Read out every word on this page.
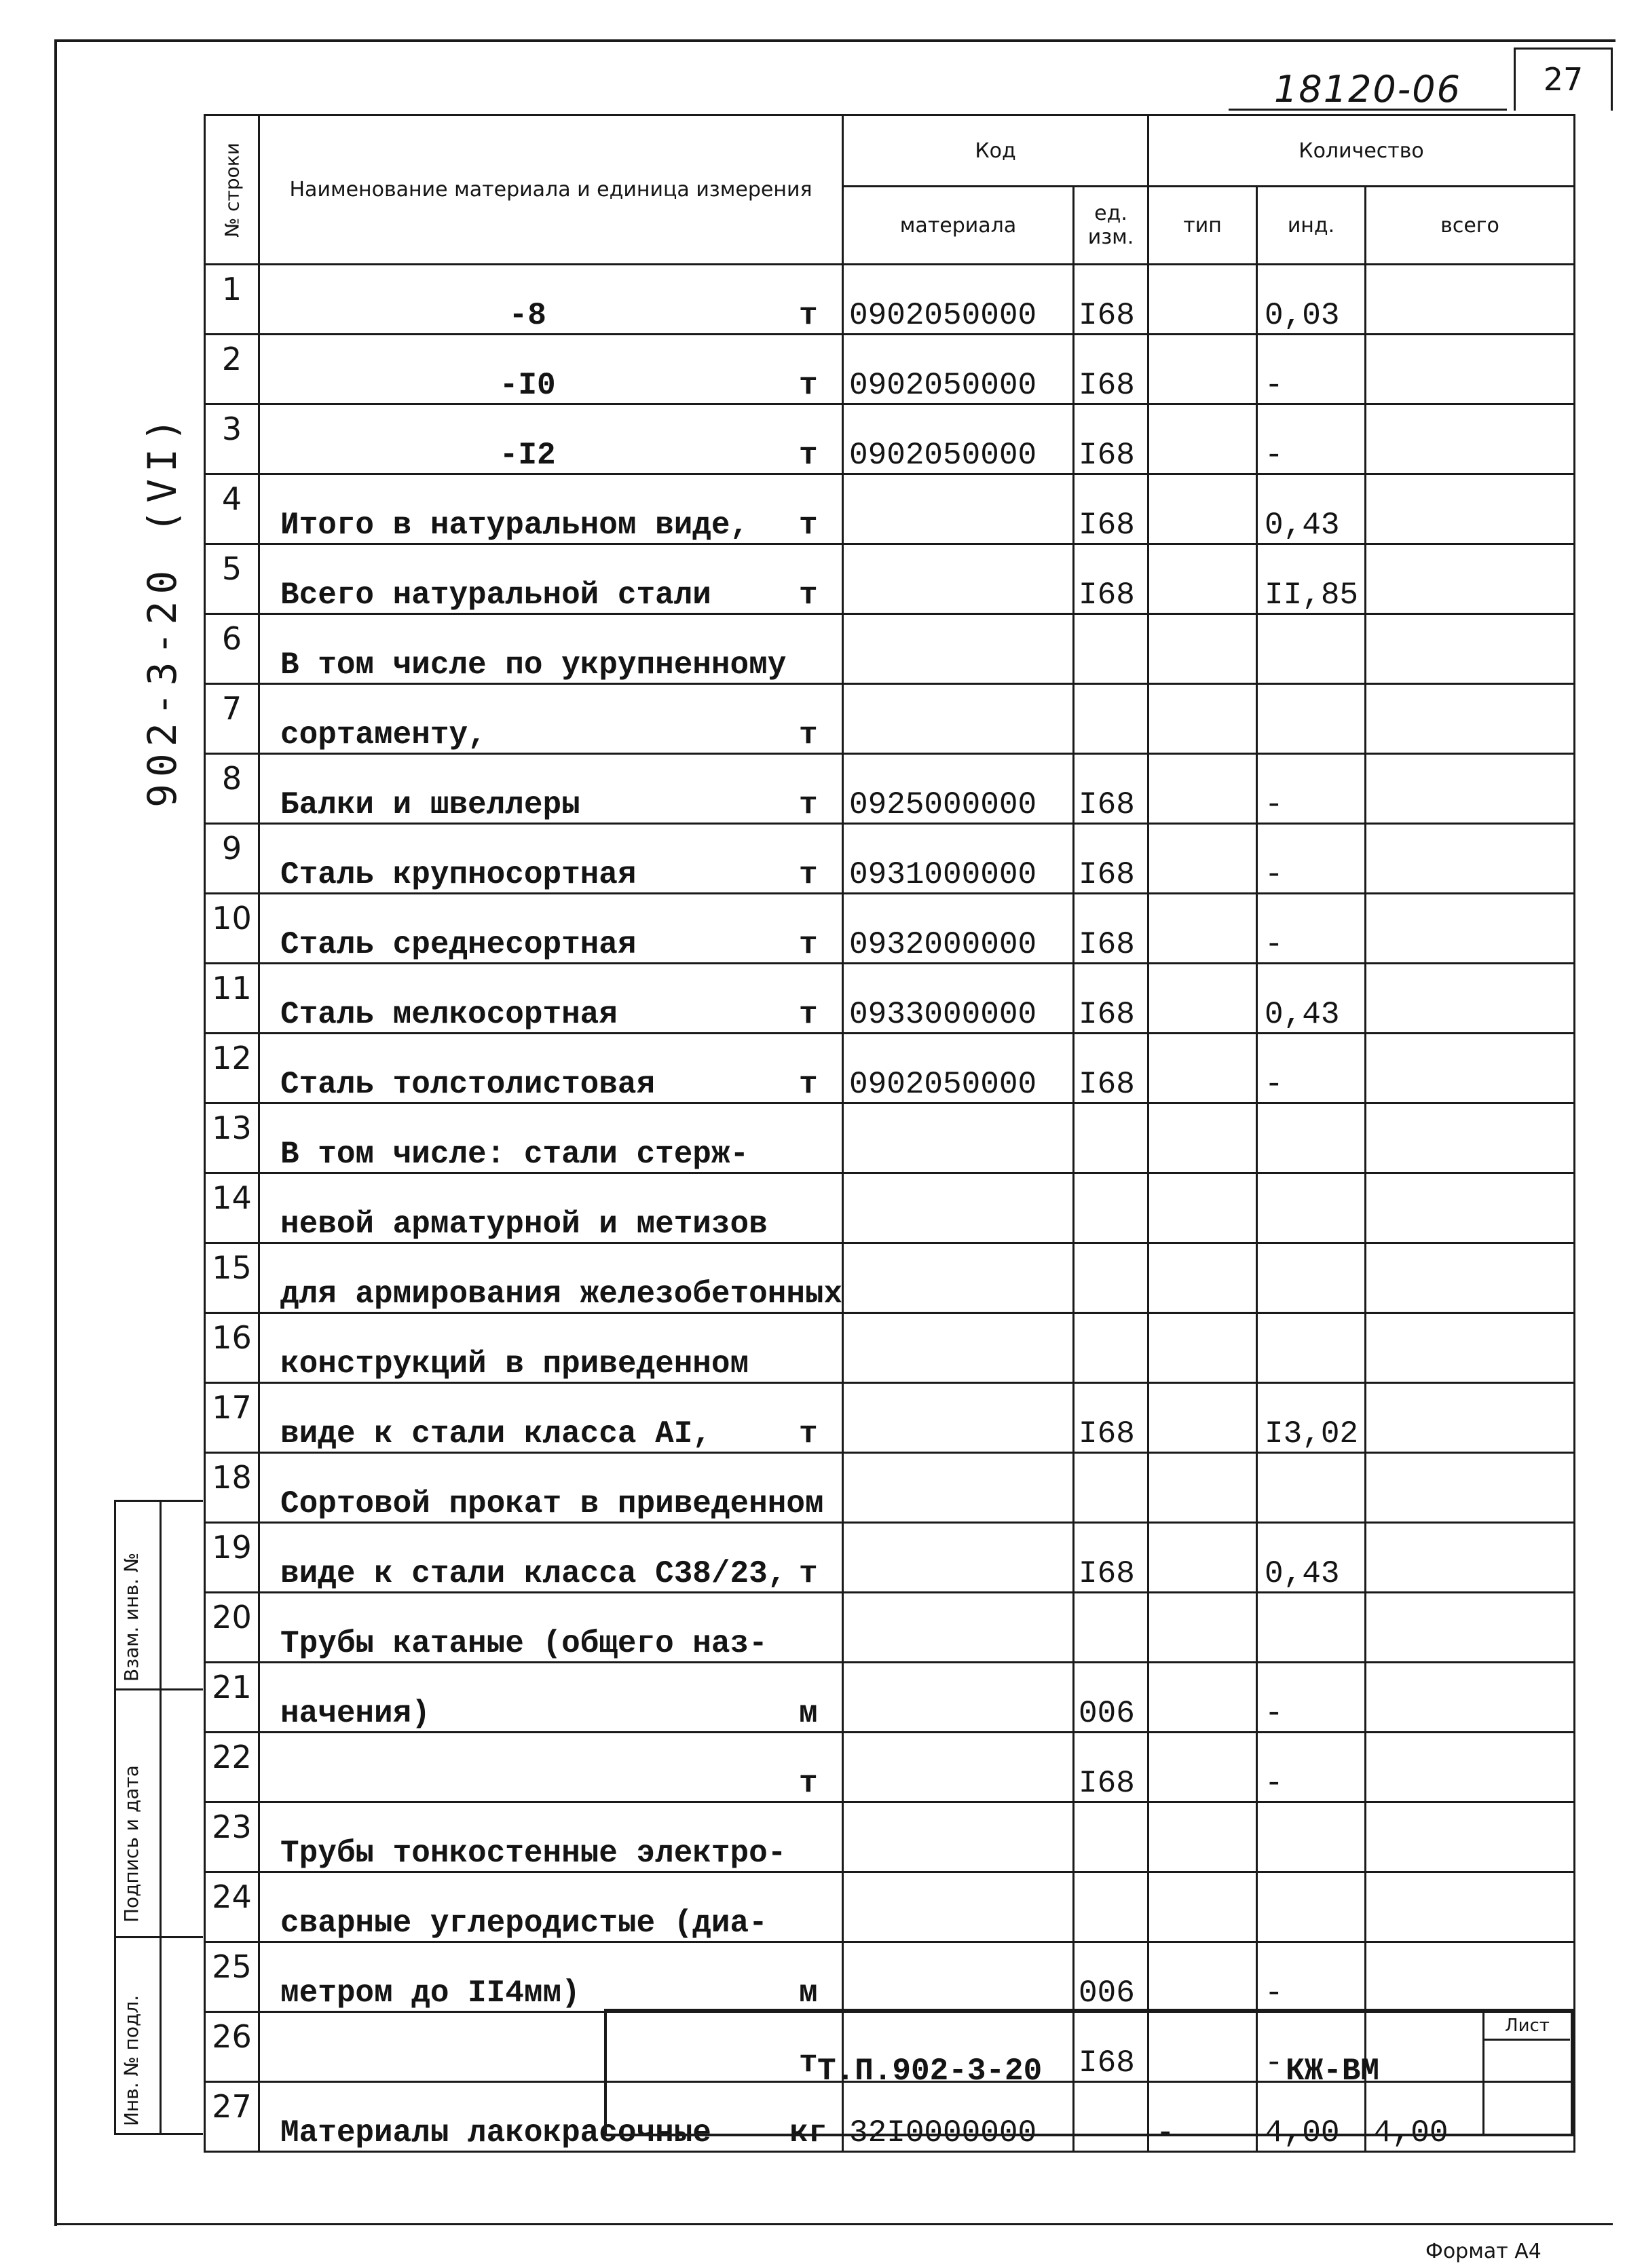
18120-06	27
902-3-20 (VI)
№ строки	Наименование материала и единица измерения		Код		Количество		
			материала	ед. изм.	тип	инд.	всего
1	-8	т	0902050000	I68		0,03	
2	-I0	т	0902050000	I68		-	
3	-I2	т	0902050000	I68		-	
4	Итого в натуральном виде,	т		I68		0,43	
5	Всего натуральной стали	т		I68		II,85	
6	В том числе по укрупненному						
7	сортаменту,	т					
8	Балки и швеллеры	т	0925000000	I68		-	
9	Сталь крупносортная	т	0931000000	I68		-	
10	Сталь среднесортная	т	0932000000	I68		-	
11	Сталь мелкосортная	т	0933000000	I68		0,43	
12	Сталь толстолистовая	т	0902050000	I68		-	
13	В том числе: стали стерж-						
14	невой арматурной и метизов						
15	для армирования железобетонных						
16	конструкций в приведенном						
17	виде к стали класса AI,	т		I68		I3,02	
18	Сортовой прокат в приведенном						
19	виде к стали класса С38/23,	т		I68		0,43	
20	Трубы катаные (общего наз-						
21	начения)	м		006		-	
22		т		I68		-	
23	Трубы тонкостенные электро-						
24	сварные углеродистые (диа-						
25	метром до II4мм)	м		006		-	
26		т		I68		-	
27	Материалы лакокрасочные	кг	32I0000000		-	4,00	4,00
Взам. инв. №
Подпись и дата
Инв. № подл.	Т.П.902-3-20	КЖ-ВМ
Лист
Формат А4
